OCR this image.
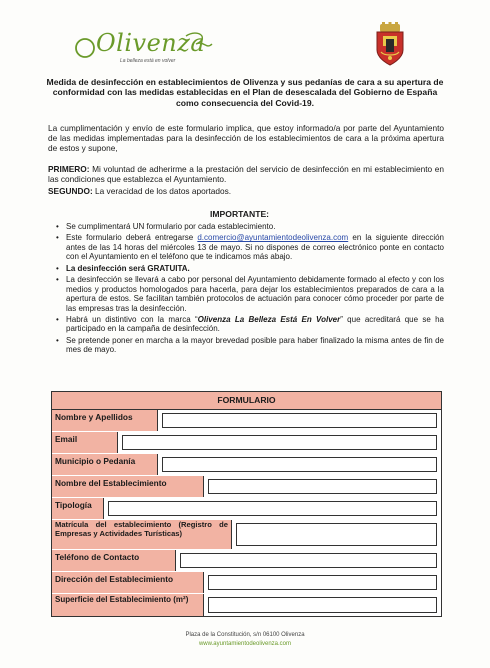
Olivenza
La belleza está en volver
Medida de desinfección en establecimientos de Olivenza y sus pedanías de cara a su apertura de conformidad con las medidas establecidas en el Plan de desescalada del Gobierno de España como consecuencia del Covid-19.
La cumplimentación y envío de este formulario implica, que estoy informado/a por parte del Ayuntamiento de las medidas implementadas para la desinfección de los establecimientos de cara a la próxima apertura de estos y supone,
PRIMERO: Mi voluntad de adherirme a la prestación del servicio de desinfección en mi establecimiento en las condiciones que establezca el Ayuntamiento.
SEGUNDO: La veracidad de los datos aportados.
IMPORTANTE:
• Se cumplimentará UN formulario por cada establecimiento.
• Este formulario deberá entregarse d.comercio@ayuntamientodeolivenza.com en la siguiente dirección antes de las 14 horas del miércoles 13 de mayo. Si no dispones de correo electrónico ponte en contacto con el Ayuntamiento en el teléfono que te indicamos más abajo.
• La desinfección será GRATUITA.
• La desinfección se llevará a cabo por personal del Ayuntamiento debidamente formado al efecto y con los medios y productos homologados para hacerla, para dejar los establecimientos preparados de cara a la apertura de estos. Se facilitan también protocolos de actuación para conocer cómo proceder por parte de las empresas tras la desinfección.
• Habrá un distintivo con la marca “Olivenza La Belleza Está En Volver” que acreditará que se ha participado en la campaña de desinfección.
• Se pretende poner en marcha a la mayor brevedad posible para haber finalizado la misma antes de fin de mes de mayo.
FORMULARIO
Nombre y Apellidos
Email
Municipio o Pedanía
Nombre del Establecimiento
Tipología
Matrícula del establecimiento (Registro de Empresas y Actividades Turísticas)
Teléfono de Contacto
Dirección del Establecimiento
Superficie del Establecimiento (m²)
Plaza de la Constitución, s/n 06100 Olivenza
www.ayuntamientodeolivenza.com
